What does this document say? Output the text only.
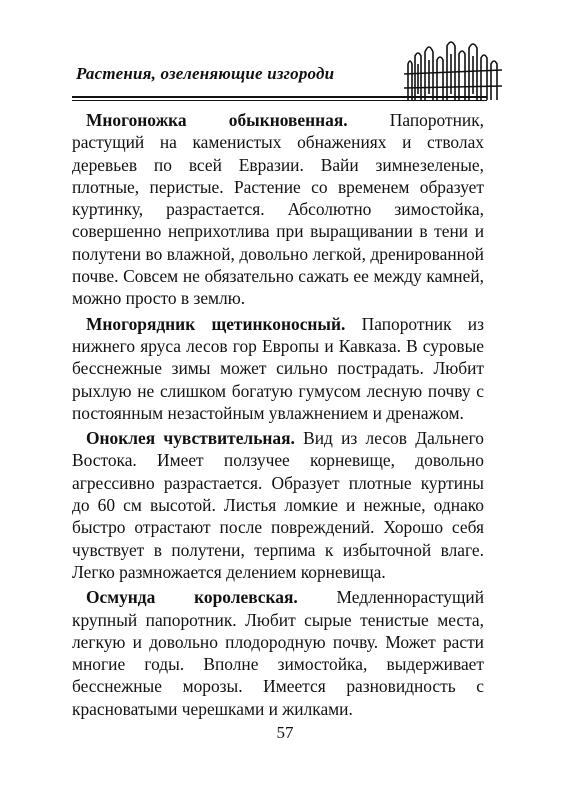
Растения, озеленяющие изгороди

Многоножка обыкновенная. Папоротник, растущий на каменистых обнажениях и стволах деревьев по всей Евразии. Вайи зимнезеленые, плотные, перистые. Растение со временем образует куртинку, разрастается. Абсолютно зимостойка, совершенно неприхотлива при выращивании в тени и полутени во влажной, довольно легкой, дренированной почве. Совсем не обязательно сажать ее между камней, можно просто в землю.

Многорядник щетинконосный. Папоротник из нижнего яруса лесов гор Европы и Кавказа. В суровые бесснежные зимы может сильно пострадать. Любит рыхлую не слишком богатую гумусом лесную почву с постоянным незастойным увлажнением и дренажом.

Оноклея чувствительная. Вид из лесов Дальнего Востока. Имеет ползучее корневище, довольно агрессивно разрастается. Образует плотные куртины до 60 см высотой. Листья ломкие и нежные, однако быстро отрастают после повреждений. Хорошо себя чувствует в полутени, терпима к избыточной влаге. Легко размножается делением корневища.

Осмунда королевская. Медленнорастущий крупный папоротник. Любит сырые тенистые места, легкую и довольно плодородную почву. Может расти многие годы. Вполне зимостойка, выдерживает бесснежные морозы. Имеется разновидность с красноватыми черешками и жилками.

57
